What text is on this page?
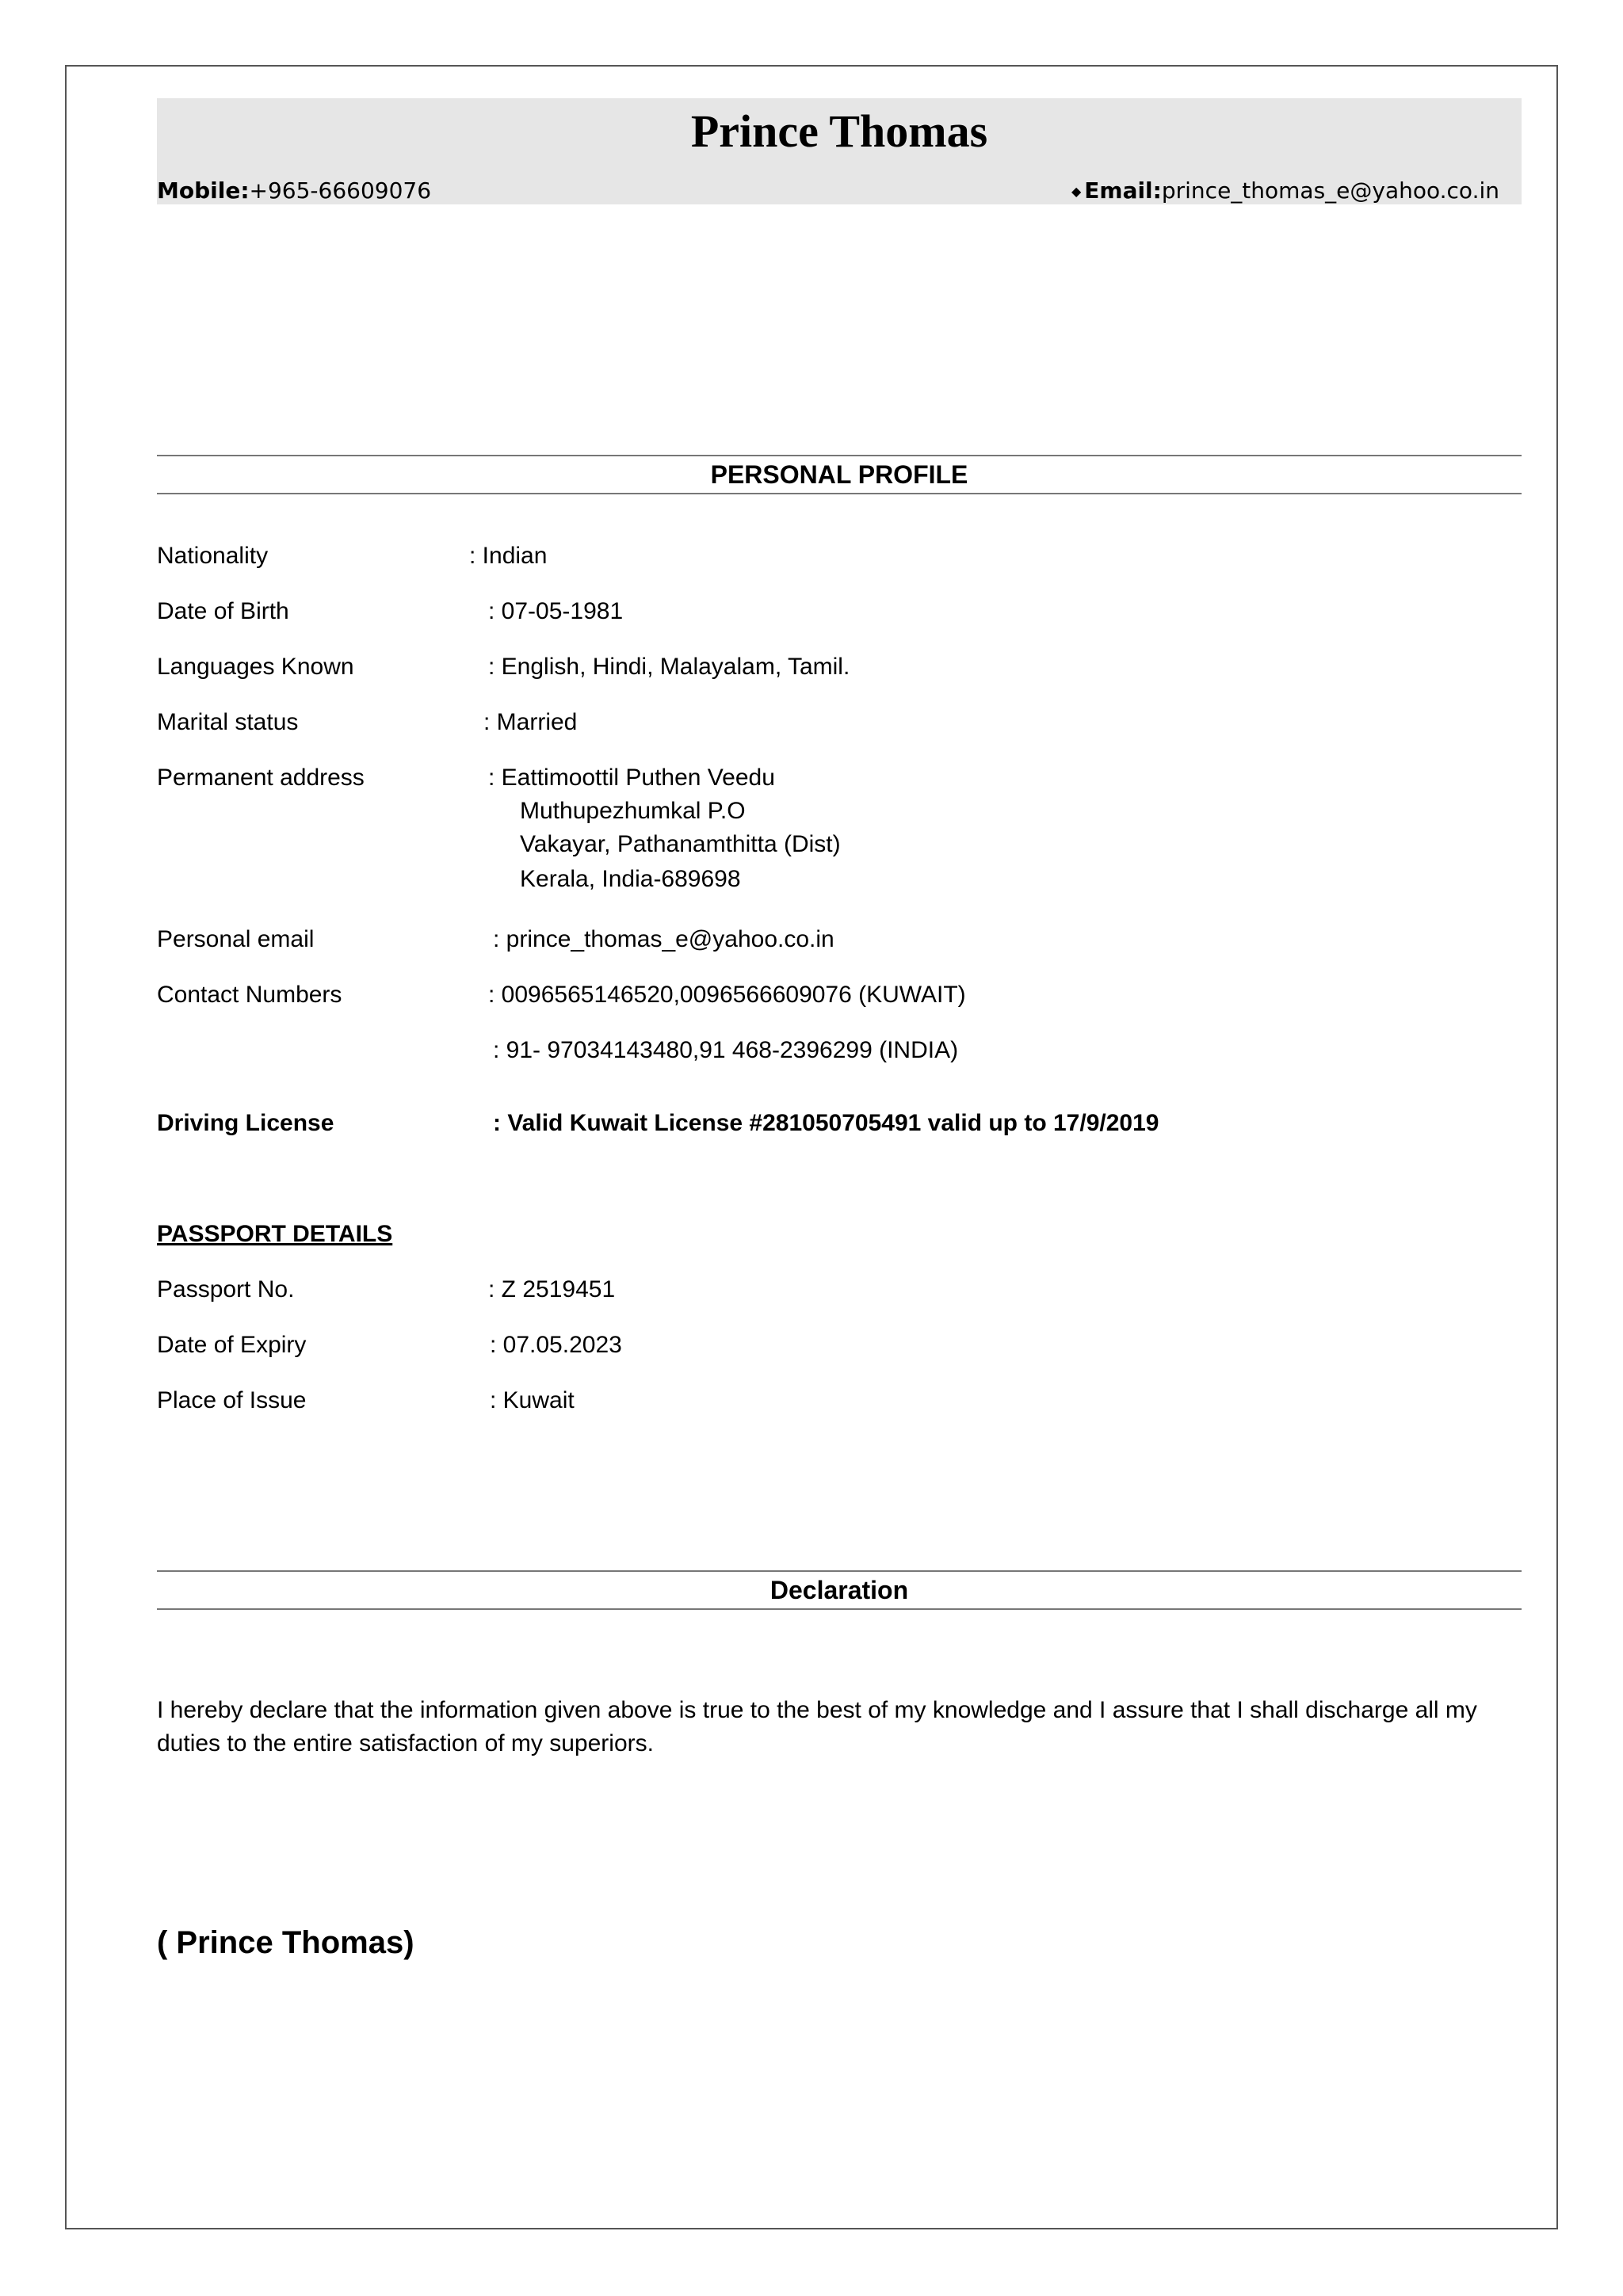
Prince Thomas
Mobile:+965-66609076	◆ Email:prince_thomas_e@yahoo.co.in
PERSONAL PROFILE
Nationality	: Indian
Date of Birth	: 07-05-1981
Languages Known	: English, Hindi, Malayalam, Tamil.
Marital status	: Married
Permanent address	: Eattimoottil Puthen Veedu
Muthupezhumkal P.O
Vakayar, Pathanamthitta (Dist)
Kerala, India-689698
Personal email	: prince_thomas_e@yahoo.co.in
Contact Numbers	: 0096565146520,0096566609076 (KUWAIT)
: 91- 97034143480,91 468-2396299 (INDIA)
Driving License	: Valid Kuwait License #281050705491 valid up to 17/9/2019
PASSPORT DETAILS
Passport No.	: Z 2519451
Date of Expiry	: 07.05.2023
Place of Issue	: Kuwait
Declaration
I hereby declare that the information given above is true to the best of my knowledge and I assure that I shall discharge all my duties to the entire satisfaction of my superiors.
( Prince Thomas)
